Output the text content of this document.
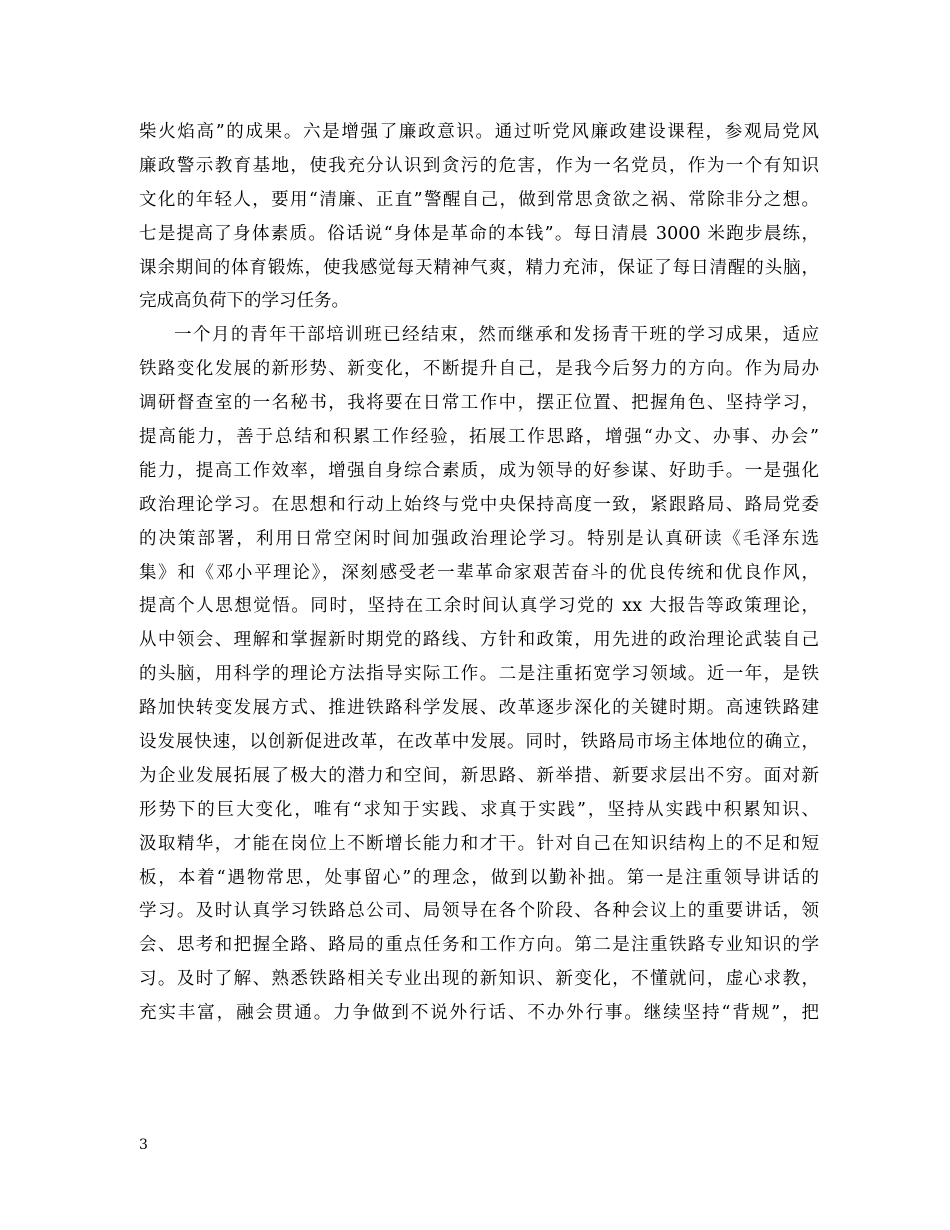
柴火焰高”的成果。六是增强了廉政意识。通过听党风廉政建设课程，参观局党风
廉政警示教育基地，使我充分认识到贪污的危害，作为一名党员，作为一个有知识
文化的年轻人，要用“清廉、正直”警醒自己，做到常思贪欲之祸、常除非分之想。
七是提高了身体素质。俗话说“身体是革命的本钱”。每日清晨 3000 米跑步晨练，
课余期间的体育锻炼，使我感觉每天精神气爽，精力充沛，保证了每日清醒的头脑，
完成高负荷下的学习任务。
一个月的青年干部培训班已经结束，然而继承和发扬青干班的学习成果，适应
铁路变化发展的新形势、新变化，不断提升自己，是我今后努力的方向。作为局办
调研督查室的一名秘书，我将要在日常工作中，摆正位置、把握角色、坚持学习，
提高能力，善于总结和积累工作经验，拓展工作思路，增强“办文、办事、办会”
能力，提高工作效率，增强自身综合素质，成为领导的好参谋、好助手。一是强化
政治理论学习。在思想和行动上始终与党中央保持高度一致，紧跟路局、路局党委
的决策部署，利用日常空闲时间加强政治理论学习。特别是认真研读《毛泽东选
集》和《邓小平理论》，深刻感受老一辈革命家艰苦奋斗的优良传统和优良作风，
提高个人思想觉悟。同时，坚持在工余时间认真学习党的 xx 大报告等政策理论，
从中领会、理解和掌握新时期党的路线、方针和政策，用先进的政治理论武装自己
的头脑，用科学的理论方法指导实际工作。二是注重拓宽学习领域。近一年，是铁
路加快转变发展方式、推进铁路科学发展、改革逐步深化的关键时期。高速铁路建
设发展快速，以创新促进改革，在改革中发展。同时，铁路局市场主体地位的确立，
为企业发展拓展了极大的潜力和空间，新思路、新举措、新要求层出不穷。面对新
形势下的巨大变化，唯有“求知于实践、求真于实践”，坚持从实践中积累知识、
汲取精华，才能在岗位上不断增长能力和才干。针对自己在知识结构上的不足和短
板，本着“遇物常思，处事留心”的理念，做到以勤补拙。第一是注重领导讲话的
学习。及时认真学习铁路总公司、局领导在各个阶段、各种会议上的重要讲话，领
会、思考和把握全路、路局的重点任务和工作方向。第二是注重铁路专业知识的学
习。及时了解、熟悉铁路相关专业出现的新知识、新变化，不懂就问，虚心求教，
充实丰富，融会贯通。力争做到不说外行话、不办外行事。继续坚持“背规”，把
3
